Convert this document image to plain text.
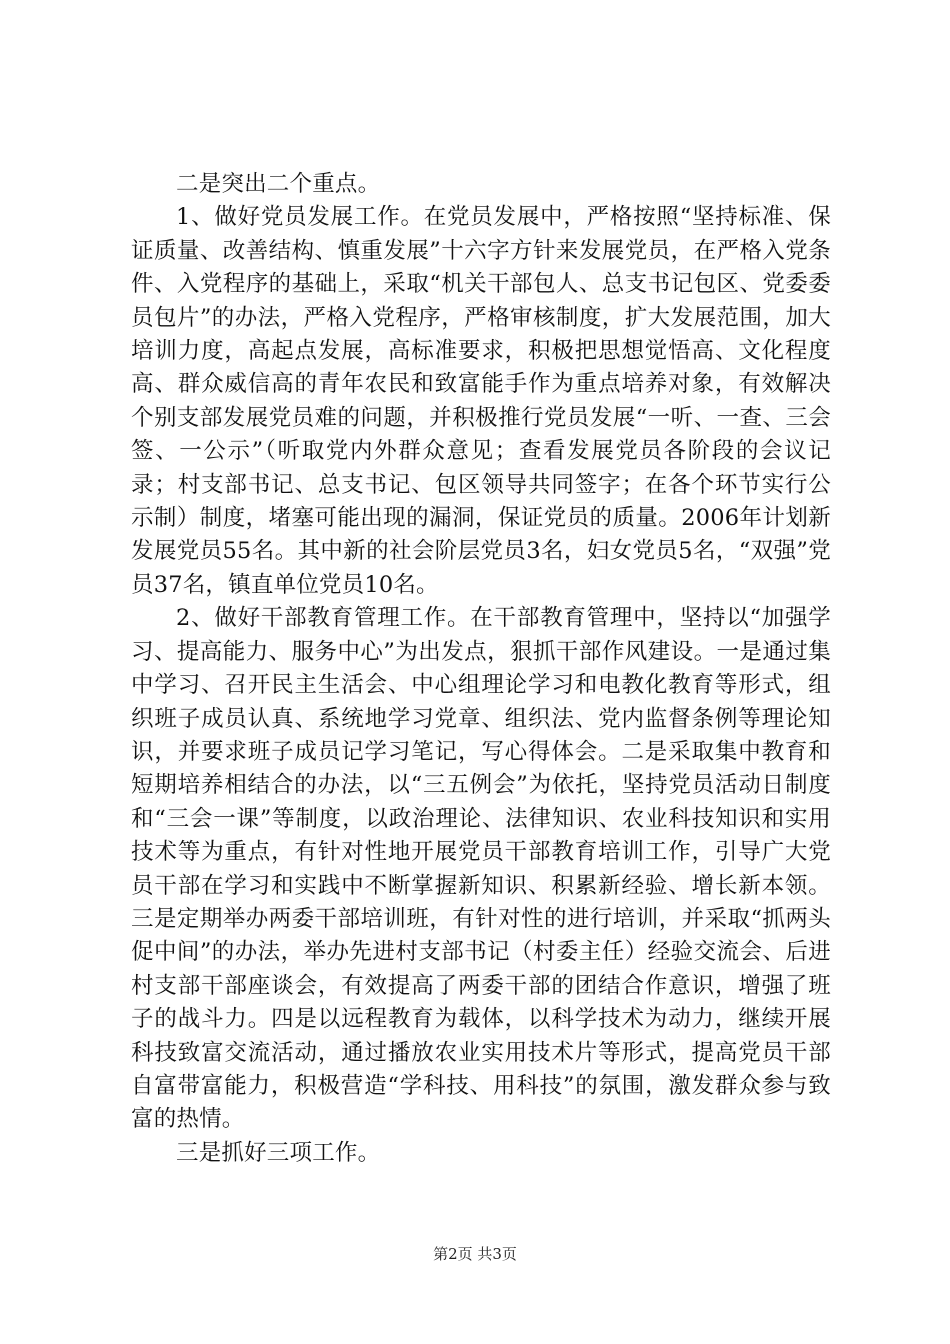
二是突出二个重点。

1、做好党员发展工作。在党员发展中，严格按照“坚持标准、保证质量、改善结构、慎重发展”十六字方针来发展党员，在严格入党条件、入党程序的基础上，采取“机关干部包人、总支书记包区、党委委员包片”的办法，严格入党程序，严格审核制度，扩大发展范围，加大培训力度，高起点发展，高标准要求，积极把思想觉悟高、文化程度高、群众威信高的青年农民和致富能手作为重点培养对象，有效解决个别支部发展党员难的问题，并积极推行党员发展“一听、一查、三会签、一公示”（听取党内外群众意见；查看发展党员各阶段的会议记录；村支部书记、总支书记、包区领导共同签字；在各个环节实行公示制）制度，堵塞可能出现的漏洞，保证党员的质量。2006年计划新发展党员55名。其中新的社会阶层党员3名，妇女党员5名，“双强”党员37名，镇直单位党员10名。

2、做好干部教育管理工作。在干部教育管理中，坚持以“加强学习、提高能力、服务中心”为出发点，狠抓干部作风建设。一是通过集中学习、召开民主生活会、中心组理论学习和电教化教育等形式，组织班子成员认真、系统地学习党章、组织法、党内监督条例等理论知识，并要求班子成员记学习笔记，写心得体会。二是采取集中教育和短期培养相结合的办法，以“三五例会”为依托，坚持党员活动日制度和“三会一课”等制度，以政治理论、法律知识、农业科技知识和实用技术等为重点，有针对性地开展党员干部教育培训工作，引导广大党员干部在学习和实践中不断掌握新知识、积累新经验、增长新本领。三是定期举办两委干部培训班，有针对性的进行培训，并采取“抓两头促中间”的办法，举办先进村支部书记（村委主任）经验交流会、后进村支部干部座谈会，有效提高了两委干部的团结合作意识，增强了班子的战斗力。四是以远程教育为载体，以科学技术为动力，继续开展科技致富交流活动，通过播放农业实用技术片等形式，提高党员干部自富带富能力，积极营造“学科技、用科技”的氛围，激发群众参与致富的热情。

三是抓好三项工作。

第2页 共3页
